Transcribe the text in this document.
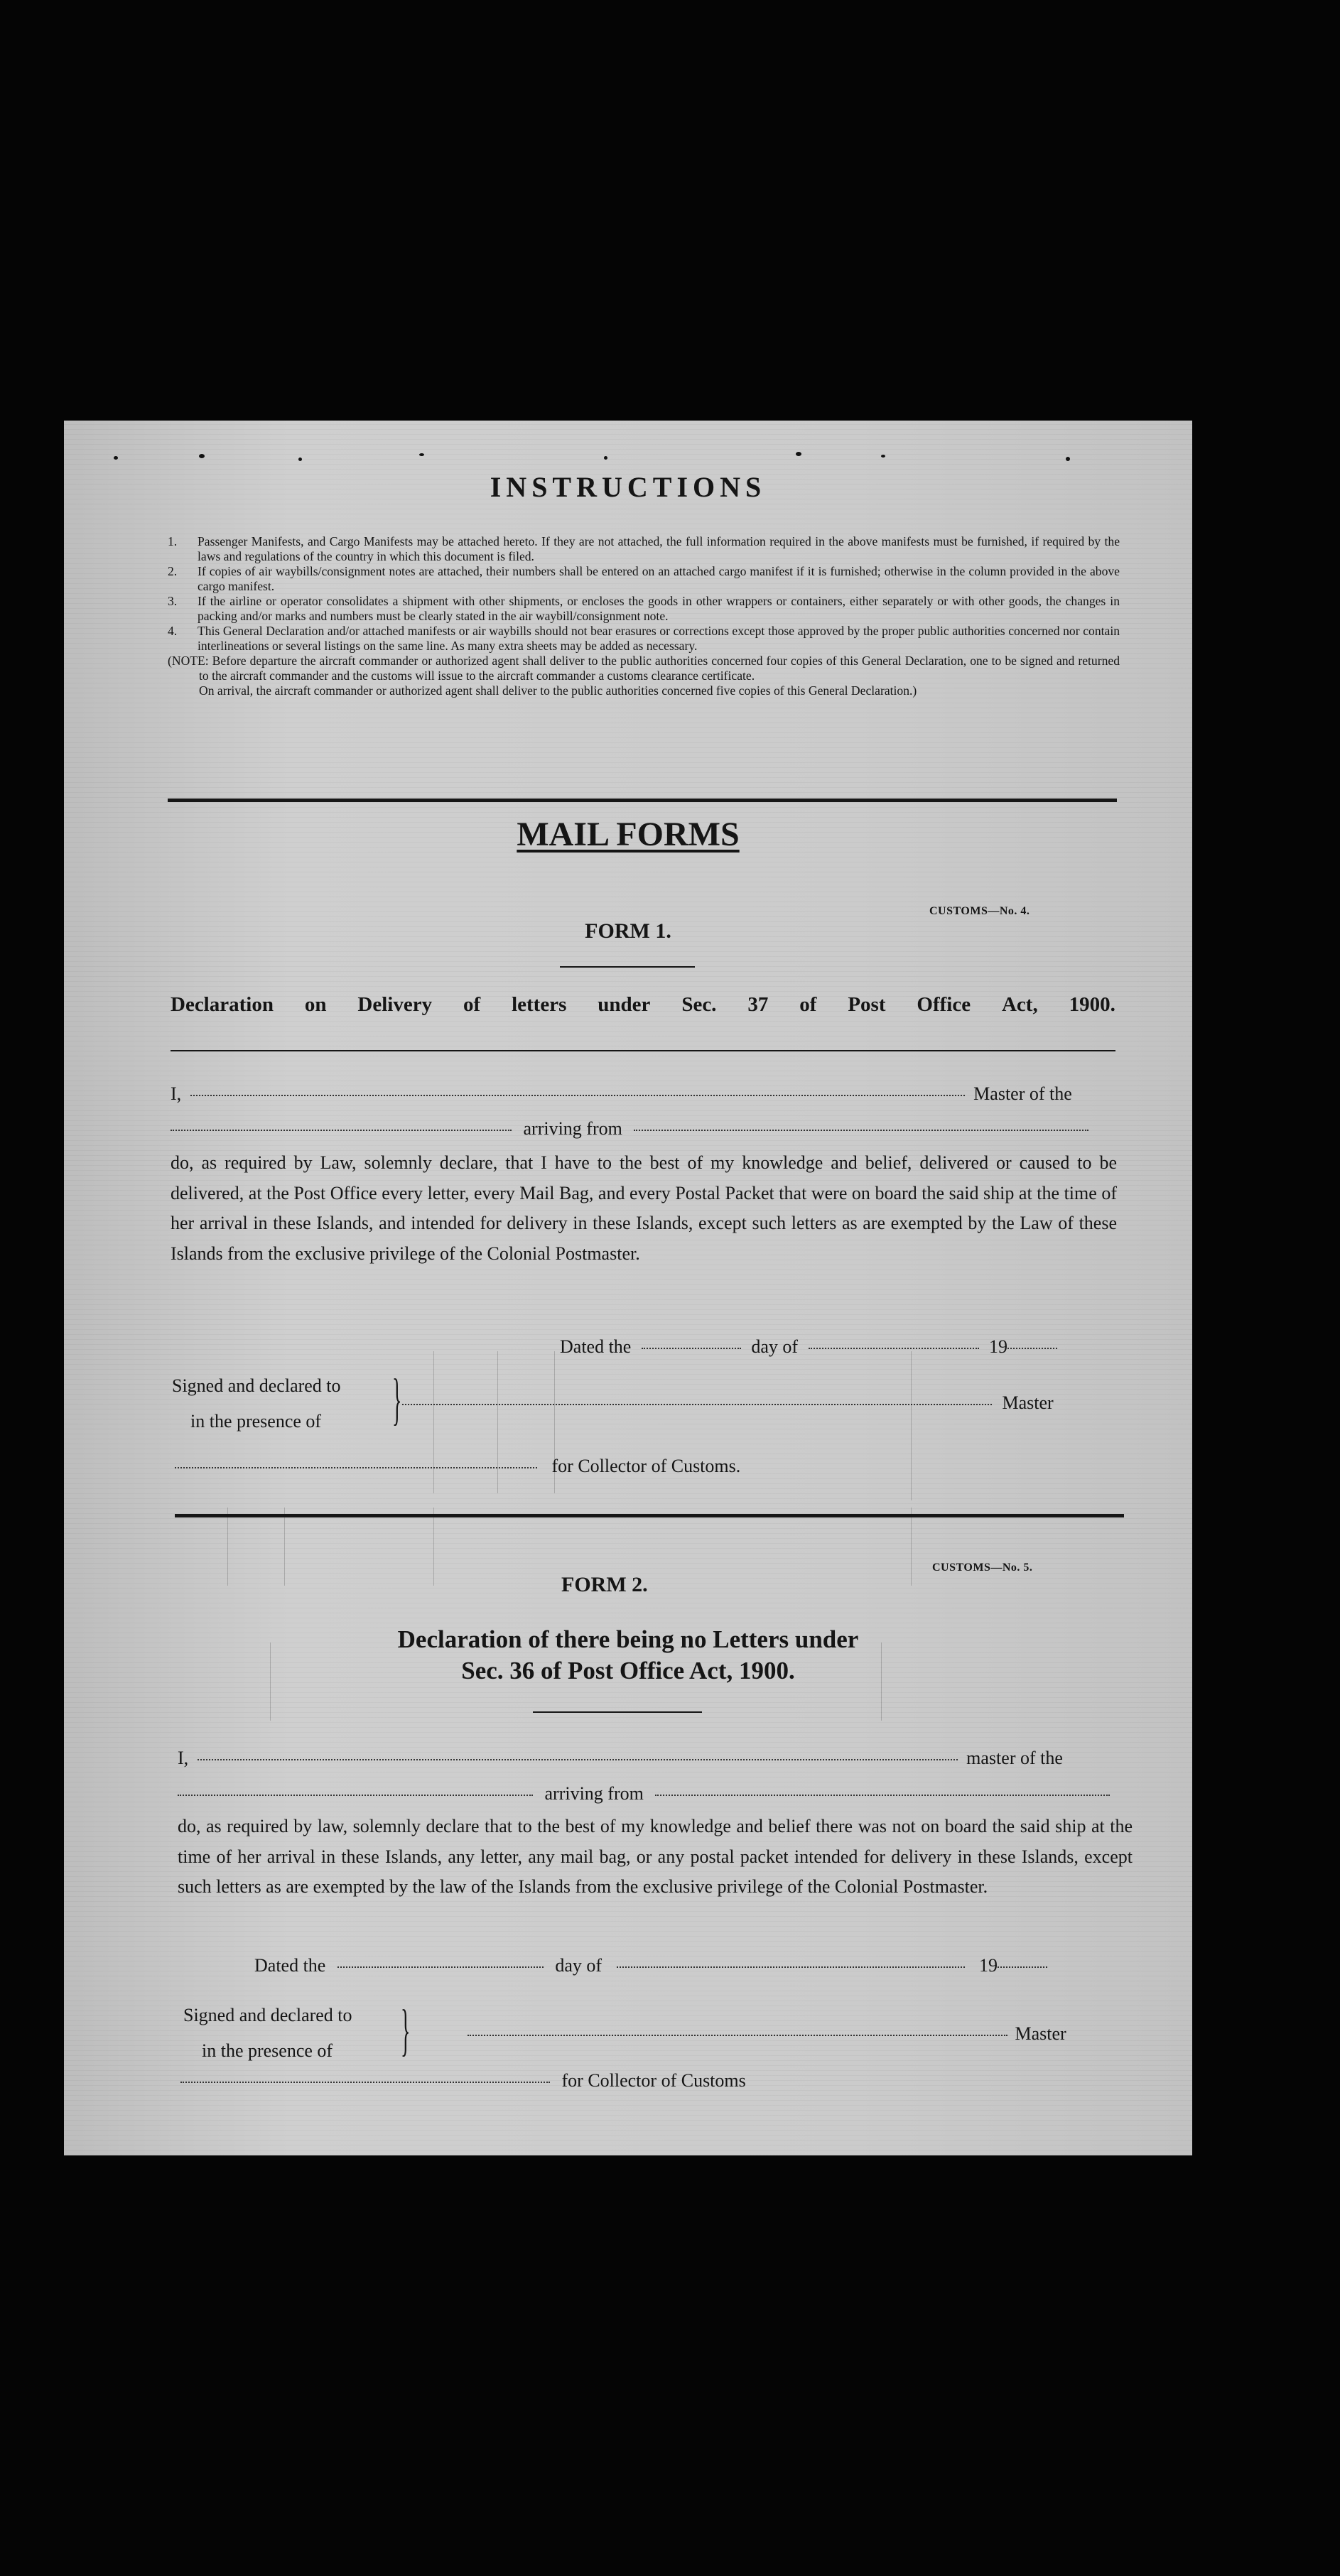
INSTRUCTIONS
1. Passenger Manifests, and Cargo Manifests may be attached hereto. If they are not attached, the full information required in the above manifests must be furnished, if required by the laws and regulations of the country in which this document is filed.
2. If copies of air waybills/consignment notes are attached, their numbers shall be entered on an attached cargo manifest if it is furnished; otherwise in the column provided in the above cargo manifest.
3. If the airline or operator consolidates a shipment with other shipments, or encloses the goods in other wrappers or containers, either separately or with other goods, the changes in packing and/or marks and numbers must be clearly stated in the air waybill/consignment note.
4. This General Declaration and/or attached manifests or air waybills should not bear erasures or corrections except those approved by the proper public authorities concerned nor contain interlineations or several listings on the same line. As many extra sheets may be added as necessary.
(NOTE: Before departure the aircraft commander or authorized agent shall deliver to the public authorities concerned four copies of this General Declaration, one to be signed and returned to the aircraft commander and the customs will issue to the aircraft commander a customs clearance certificate.
On arrival, the aircraft commander or authorized agent shall deliver to the public authorities concerned five copies of this General Declaration.)
MAIL FORMS
CUSTOMS—No. 4.
FORM 1.
Declaration on Delivery of letters under Sec. 37 of Post Office Act, 1900.
I,	Master of the
arriving from

do, as required by Law, solemnly declare, that I have to the best of my knowledge and belief, delivered or caused to be delivered, at the Post Office every letter, every Mail Bag, and every Postal Packet that were on board the said ship at the time of her arrival in these Islands, and intended for delivery in these Islands, except such letters as are exempted by the Law of these Islands from the exclusive privilege of the Colonial Postmaster.

Dated the	day of	19
Signed and declared to
in the presence of }	Master
for Collector of Customs.
CUSTOMS—No. 5.
FORM 2.
Declaration of there being no Letters under
Sec. 36 of Post Office Act, 1900.
I,	master of the
arriving from

do, as required by law, solemnly declare that to the best of my knowledge and belief there was not on board the said ship at the time of her arrival in these Islands, any letter, any mail bag, or any postal packet intended for delivery in these Islands, except such letters as are exempted by the law of the Islands from the exclusive privilege of the Colonial Postmaster.

Dated the	day of	19
Signed and declared to
in the presence of }	Master
for Collector of Customs
